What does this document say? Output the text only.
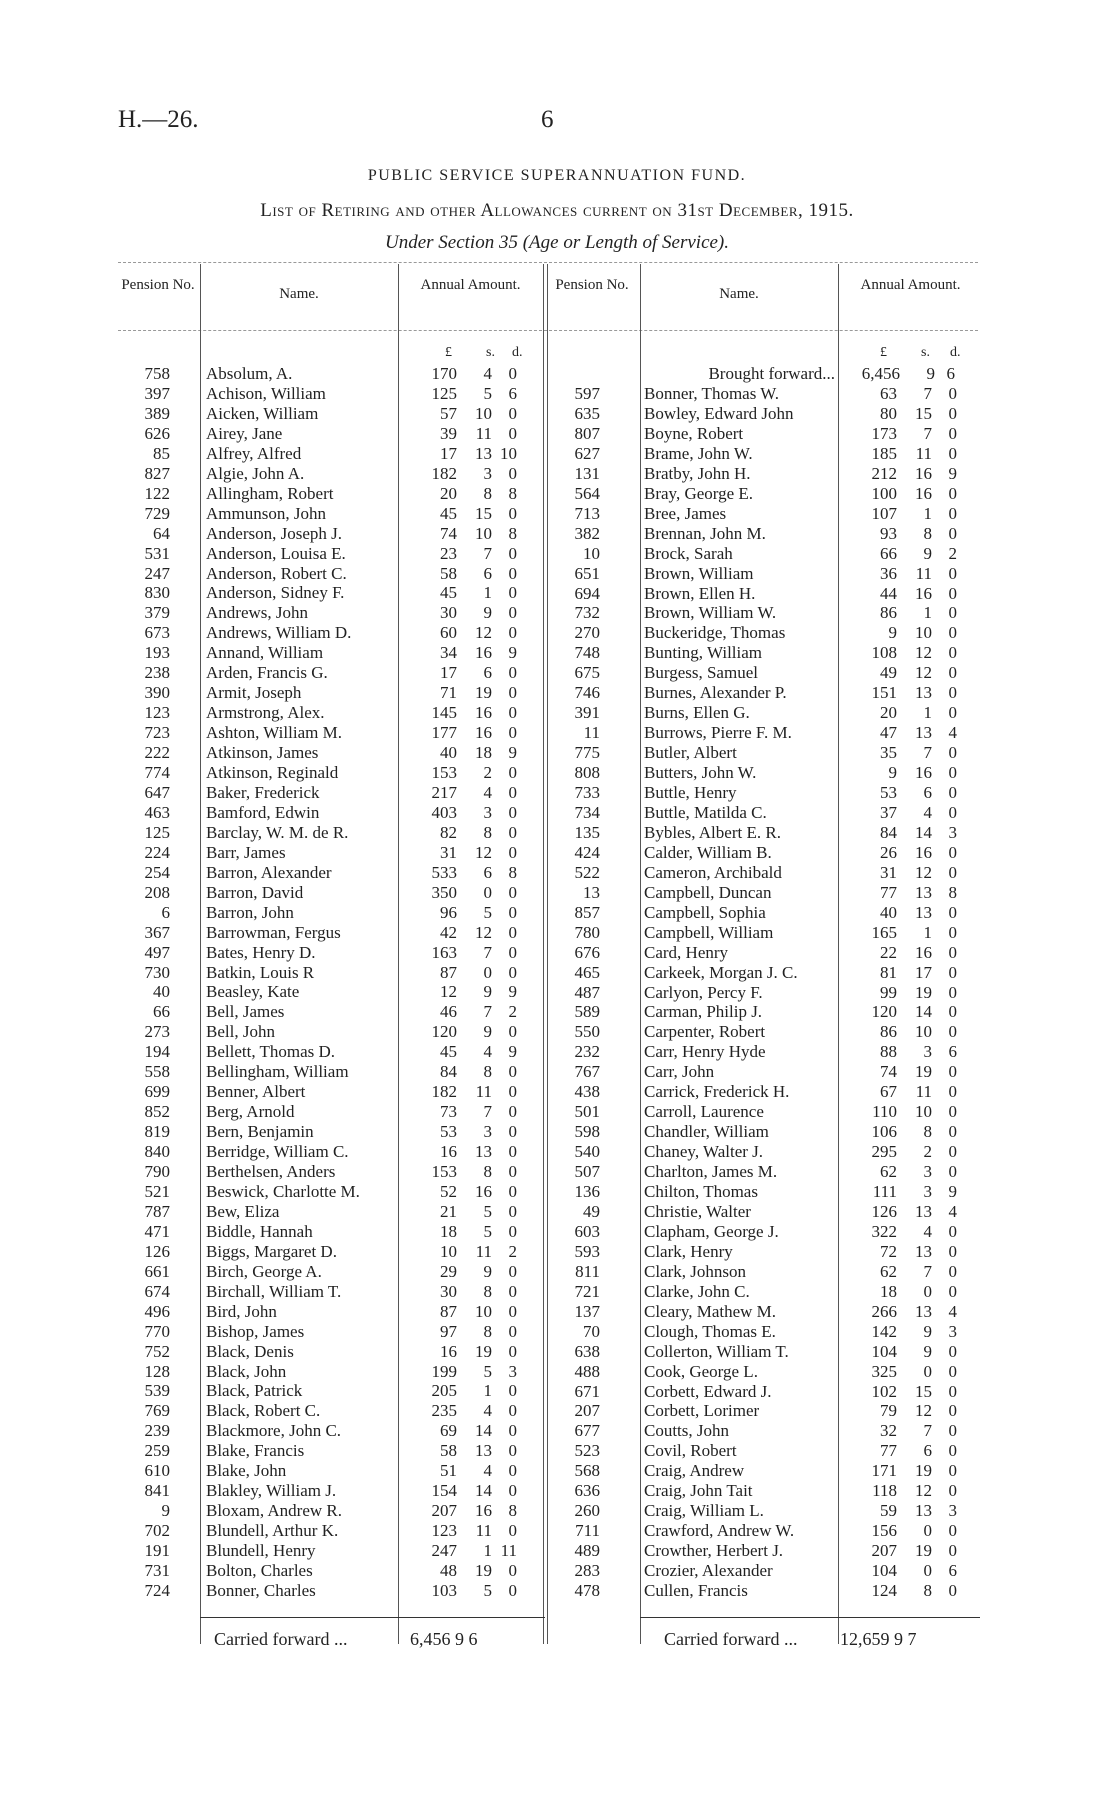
H.—26.	6
PUBLIC SERVICE SUPERANNUATION FUND.
List of Retiring and other Allowances current on 31st December, 1915.
Under Section 35 (Age or Length of Service).
Pension No.
Name.
Annual Amount.	Pension No.
Name.
Annual Amount.
£ s. d.	£ s. d.
758 Absolum, A.	170	4 0
397 Achison, William	125	5 6
389 Aicken, William	57	10 0
626 Airey, Jane	39	11 0
85 Alfrey, Alfred	17	13 10
827 Algie, John A.	182	3 0
122 Allingham, Robert	20	8 8
729 Ammunson, John	45	15 0
64 Anderson, Joseph J.	74	10 8
531 Anderson, Louisa E.	23	7 0
247 Anderson, Robert C.	58	6 0
830 Anderson, Sidney F.	45	1 0
379 Andrews, John	30	9 0
673 Andrews, William D.	60	12 0
193 Annand, William	34	16 9
238 Arden, Francis G.	17	6 0
390 Armit, Joseph	71	19 0
123 Armstrong, Alex.	145	16 0
723 Ashton, William M.	177	16 0
222 Atkinson, James	40	18 9
774 Atkinson, Reginald	153	2 0
647 Baker, Frederick	217	4 0
463 Bamford, Edwin	403	3 0
125 Barclay, W. M. de R.	82	8 0
224 Barr, James	31	12 0
254 Barron, Alexander	533	6 8
208 Barron, David	350	0 0
6 Barron, John	96	5 0
367 Barrowman, Fergus	42	12 0
497 Bates, Henry D.	163	7 0
730 Batkin, Louis R	87	0 0
40 Beasley, Kate	12	9 9
66 Bell, James	46	7 2
273 Bell, John	120	9 0
194 Bellett, Thomas D.	45	4 9
558 Bellingham, William	84	8 0
699 Benner, Albert	182	11 0
852 Berg, Arnold	73	7 0
819 Bern, Benjamin	53	3 0
840 Berridge, William C.	16	13 0
790 Berthelsen, Anders	153	8 0
521 Beswick, Charlotte M.	52	16 0
787 Bew, Eliza	21	5 0
471 Biddle, Hannah	18	5 0
126 Biggs, Margaret D.	10	11 2
661 Birch, George A.	29	9 0
674 Birchall, William T.	30	8 0
496 Bird, John	87	10 0
770 Bishop, James	97	8 0
752 Black, Denis	16	19 0
128 Black, John	199	5 3
539 Black, Patrick	205	1 0
769 Black, Robert C.	235	4 0
239 Blackmore, John C.	69	14 0
259 Blake, Francis	58	13 0
610 Blake, John	51	4 0
841 Blakley, William J.	154	14 0
9 Bloxam, Andrew R.	207	16 8
702 Blundell, Arthur K.	123	11 0
191 Blundell, Henry	247	1 11
731 Bolton, Charles	48	19 0
724 Bonner, Charles	103	5 0
Brought forward...	6,456	9 6
597	Bonner, Thomas W.	63	7 0
635	Bowley, Edward John	80	15 0
807	Boyne, Robert	173	7 0
627	Brame, John W.	185	11 0
131	Bratby, John H.	212	16 9
564	Bray, George E.	100	16 0
713	Bree, James	107	1 0
382	Brennan, John M.	93	8 0
10	Brock, Sarah	66	9 2
651	Brown, William	36	11 0
694	Brown, Ellen H.	44	16 0
732	Brown, William W.	86	1 0
270	Buckeridge, Thomas	9	10 0
748	Bunting, William	108	12 0
675	Burgess, Samuel	49	12 0
746	Burnes, Alexander P.	151	13 0
391	Burns, Ellen G.	20	1 0
11	Burrows, Pierre F. M.	47	13 4
775	Butler, Albert	35	7 0
808	Butters, John W.	9	16 0
733	Buttle, Henry	53	6 0
734	Buttle, Matilda C.	37	4 0
135	Byblеs, Albert E. R.	84	14 3
424	Calder, William B.	26	16 0
522	Cameron, Archibald	31	12 0
13	Campbell, Duncan	77	13 8
857	Campbell, Sophia	40	13 0
780	Campbell, William	165	1 0
676	Card, Henry	22	16 0
465	Carkeek, Morgan J. C.	81	17 0
487	Carlyon, Percy F.	99	19 0
589	Carman, Philip J.	120	14 0
550	Carpenter, Robert	86	10 0
232	Carr, Henry Hyde	88	3 6
767	Carr, John	74	19 0
438	Carrick, Frederick H.	67	11 0
501	Carroll, Laurence	110	10 0
598	Chandler, William	106	8 0
540	Chaney, Walter J.	295	2 0
507	Charlton, James M.	62	3 0
136	Chilton, Thomas	111	3 9
49	Christie, Walter	126	13 4
603	Clapham, George J.	322	4 0
593	Clark, Henry	72	13 0
811	Clark, Johnson	62	7 0
721	Clarke, John C.	18	0 0
137	Cleary, Mathew M.	266	13 4
70	Clough, Thomas E.	142	9 3
638	Collerton, William T.	104	9 0
488	Cook, George L.	325	0 0
671	Corbett, Edward J.	102	15 0
207	Corbett, Lorimer	79	12 0
677	Coutts, John	32	7 0
523	Covil, Robert	77	6 0
568	Craig, Andrew	171	19 0
636	Craig, John Tait	118	12 0
260	Craig, William L.	59	13 3
711	Crawford, Andrew W.	156	0 0
489	Crowther, Herbert J.	207	19 0
283	Crozier, Alexander	104	0 6
478	Cullen, Francis	124	8 0
Carried forward ...	6,456 9 6	Carried forward ... 12,659 9 7
